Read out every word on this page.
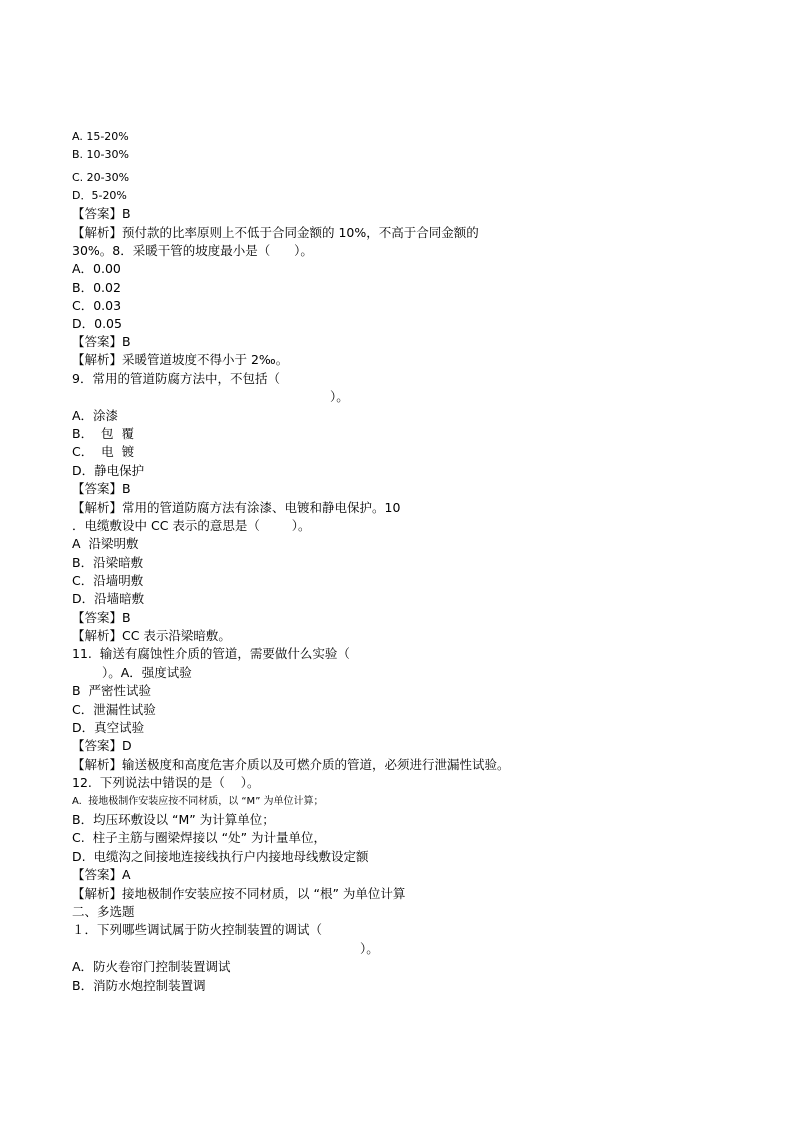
A. 15-20%
B. 10-30%
C. 20-30%
D．5-20%
【答案】B
【解析】预付款的比率原则上不低于合同金额的 10%，不高于合同金额的
30%。8．采暖干管的坡度最小是（      ）。
A．0.00
B．0.02
C．0.03
D．0.05
【答案】B
【解析】采暖管道坡度不得小于 2‰。
9．常用的管道防腐方法中，不包括（
）。
A．涂漆
B．  包  覆
C．  电  镀
D．静电保护
【答案】B
【解析】常用的管道防腐方法有涂漆、电镀和静电保护。10
．电缆敷设中 CC 表示的意思是（        ）。
A  沿梁明敷
B．沿梁暗敷
C．沿墙明敷
D．沿墙暗敷
【答案】B
【解析】CC 表示沿梁暗敷。
11.  输送有腐蚀性介质的管道，需要做什么实验（
）。A．强度试验
B  严密性试验
C．泄漏性试验
D．真空试验
【答案】D
【解析】输送极度和高度危害介质以及可燃介质的管道，必须进行泄漏性试验。
12.  下列说法中错误的是（    ）。
A.  接地极制作安装应按不同材质，以 “M” 为单位计算；
B．均压环敷设以 “M” 为计算单位；
C.  柱子主筋与圈梁焊接以 “处” 为计量单位，
D.  电缆沟之间接地连接线执行户内接地母线敷设定额
【答案】A
【解析】接地极制作安装应按不同材质，以 “根” 为单位计算
二、多选题
１．下列哪些调试属于防火控制装置的调试（
）。
A．防火卷帘门控制装置调试
B．消防水炮控制装置调
